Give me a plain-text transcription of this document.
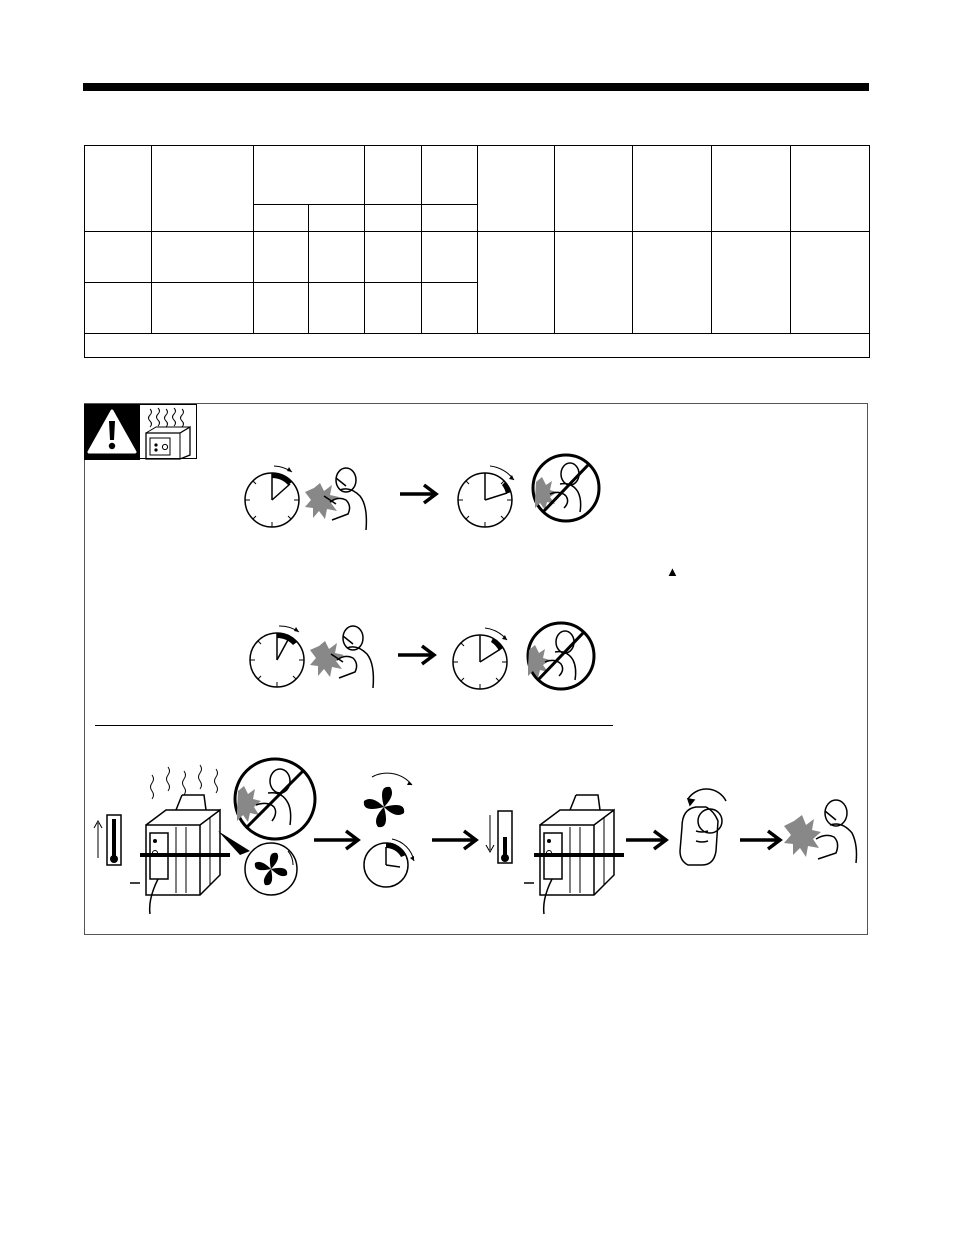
▲
